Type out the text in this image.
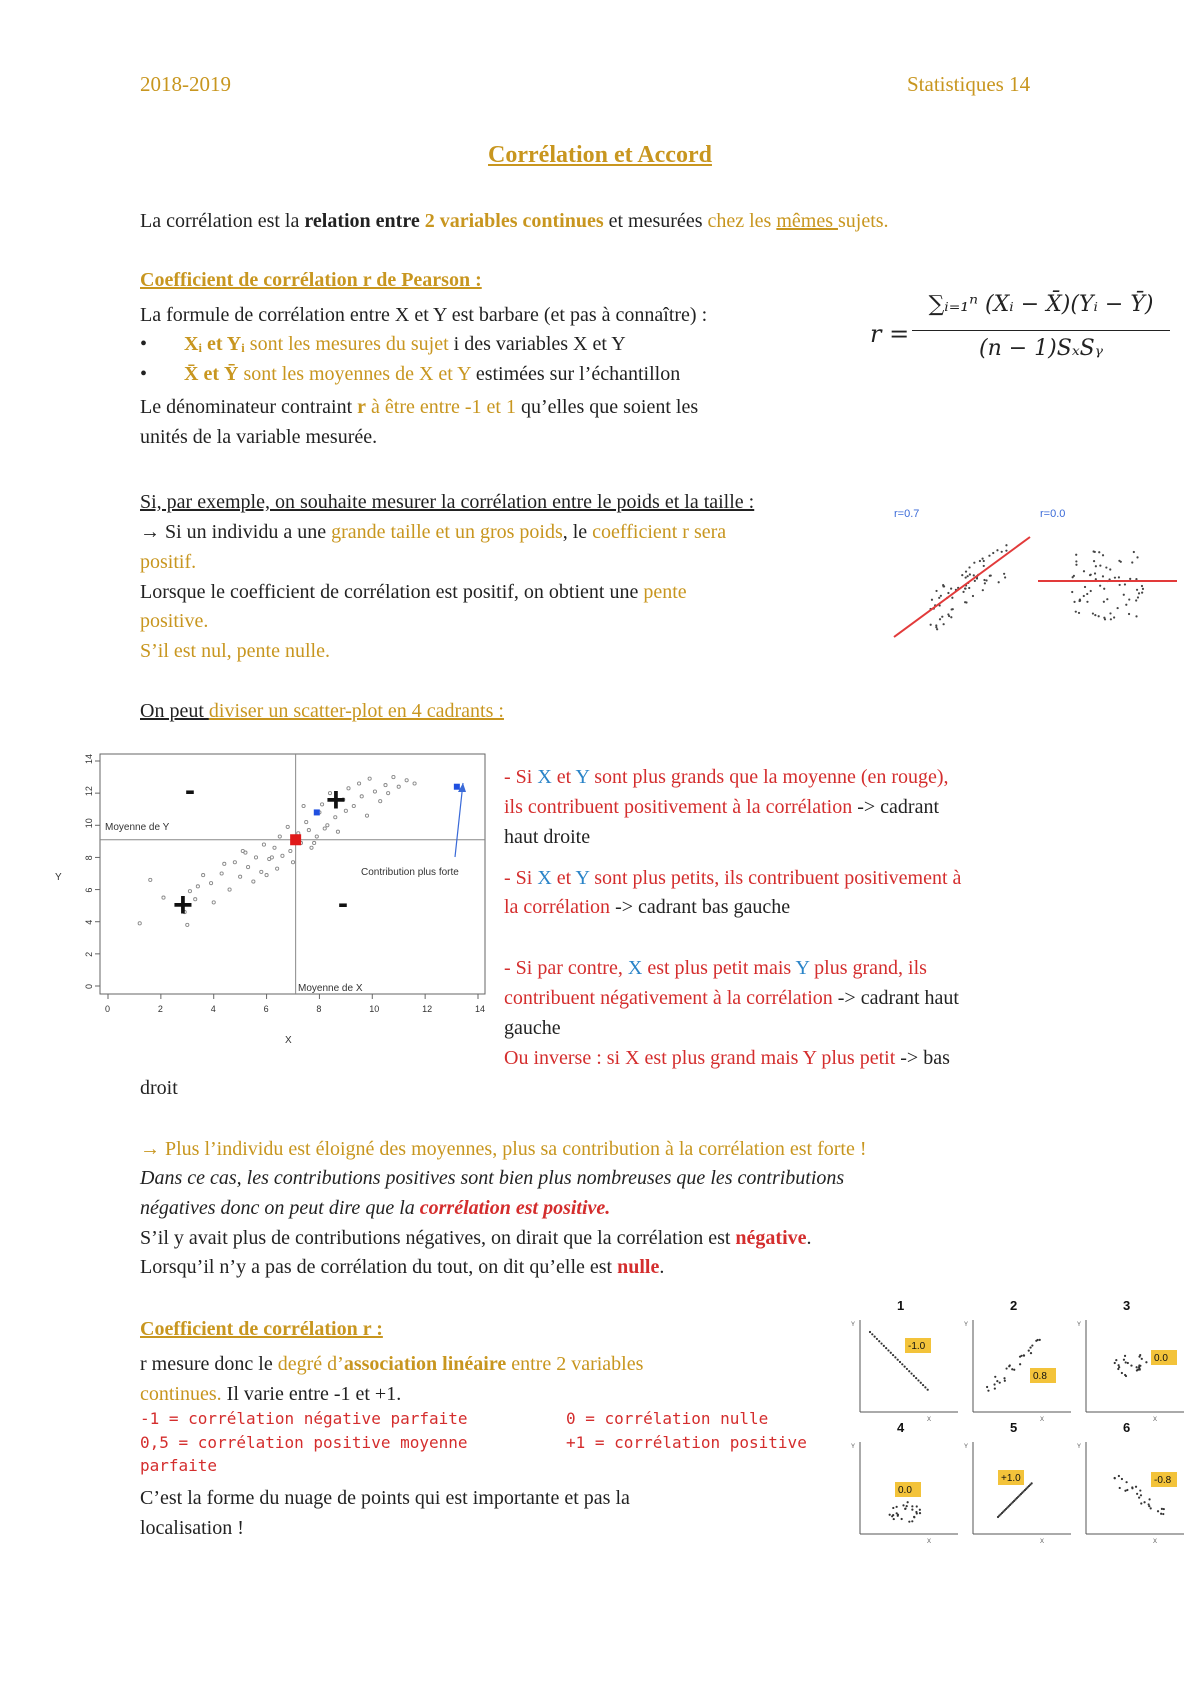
2018-2019	Statistiques 14
Corrélation et Accord
La corrélation est la relation entre 2 variables continues et mesurées chez les mêmes sujets.
Coefficient de corrélation r de Pearson :
La formule de corrélation entre X et Y est barbare (et pas à connaître) :
• Xᵢ et Yᵢ sont les mesures du sujet i des variables X et Y
• X̄ et Ȳ sont les moyennes de X et Y estimées sur l’échantillon
Le dénominateur contraint r à être entre -1 et 1 qu’elles que soient les
unités de la variable mesurée.
r =
∑ᵢ₌₁ⁿ (Xᵢ − X̄)(Yᵢ − Ȳ)
(n − 1)SₓSᵧ
Si, par exemple, on souhaite mesurer la corrélation entre le poids et la taille :
→ Si un individu a une grande taille et un gros poids, le coefficient r sera
positif.
Lorsque le coefficient de corrélation est positif, on obtient une pente
positive.
S’il est nul, pente nulle.
r=0.7	r=0.0
On peut diviser un scatter-plot en 4 cadrants :
0
0
2
2
4
4
6
6
8
8
10
10
12
12
14
14
Y
X
Moyenne de Y
Moyenne de X
Contribution plus forte
-
-
+
+
- Si X et Y sont plus grands que la moyenne (en rouge),
ils contribuent positivement à la corrélation -> cadrant
haut droite
- Si X et Y sont plus petits, ils contribuent positivement à
la corrélation -> cadrant bas gauche
- Si par contre, X est plus petit mais Y plus grand, ils
contribuent négativement à la corrélation -> cadrant haut
gauche
Ou inverse : si X est plus grand mais Y plus petit -> bas
droit
→ Plus l’individu est éloigné des moyennes, plus sa contribution à la corrélation est forte !
Dans ce cas, les contributions positives sont bien plus nombreuses que les contributions
négatives donc on peut dire que la corrélation est positive.
S’il y avait plus de contributions négatives, on dirait que la corrélation est négative.
Lorsqu’il n’y a pas de corrélation du tout, on dit qu’elle est nulle.
Coefficient de corrélation r :
r mesure donc le degré d’association linéaire entre 2 variables
continues. Il varie entre -1 et +1.
-1 = corrélation négative parfaite	0 = corrélation nulle
0,5 = corrélation positive moyenne	+1 = corrélation positive
parfaite
C’est la forme du nuage de points qui est importante et pas la
localisation !
1
Y
X
-1.0
2
Y
X
0.8
3
Y
X
0.0
4
Y
X
0.0
5
Y
X
+1.0
6
Y
X
-0.8
